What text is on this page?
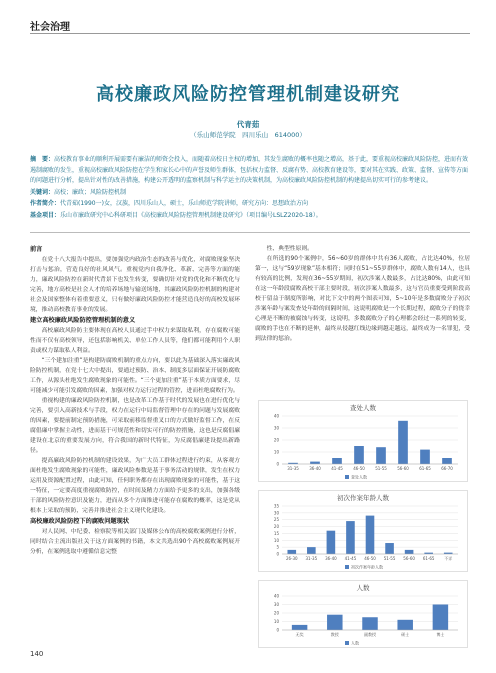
社会治理
高校廉政风险防控管理机制建设研究
代青茹
（乐山师范学院　四川乐山　614000）

摘　要：高校教育事业的顺利开展需要有廉洁的师资会投入，而随着高校日主权的增加，其发生腐败的概率也随之增高，基于此，要重视高校廉政风险防控，进而有效遏制腐败的发生，重视高校廉政风险防控在学生和家长心中的声誉及师生群体，包括权力监督、反腐有势、高校教育建设等，要对其在实践、政策、监督、宣传等方面的问题进行分析，提出针对性的改善措施，构建公开透明的监察机制与科学运主的决策机制，为高校廉政风险防控机制的构建提出切实可行的参考建议。

关键词：高校；廉政；风险防控机制

作者简介：代青茹(1990一)女，汉族，四川乐山人，硕士，乐山师范学院讲师，研究方向：思想政治方向

基金项目：乐山市廉政研究中心科研项目《高校廉政风险防控管理机制建设研究》（项目编号LSLZ2020-18）。

前言

在党十八大报告中提出，要加强党内政治生态的改善与优化，对腐败现象坚决打击与惩治，营造良好的社风风气。重视党内自我净化、革新、完善等方面的能力，廉政风险防控在新时代背景下也发生转变，要确切针对党的优化和不断优化与完善，地方高校是社会人才的培养场地与输送场地，其廉政风险防控机制的构建对社会及国家整体有着重要意义，只有做好廉政风险防控才能营造良好的高校发展环境，推动高校教育事业的发展。

建立高校廉政风险防控管理机制的意义

高校廉政风险防主要体现在高校人员通过手中权力来谋取私利，存在腐败可能性而不仅有高校领导，还包括影响机关、单位工作人员等，他们都可能利用个人职责或权力谋取私人利益。

“三个建加注重”是构建防腐败机制的重点方向，要以此为基础深入落实廉政风险防控机制，在党十七大中提出，要通过预防、治本、制度多层面保证开展防腐败工作，从源头杜绝发生腐败现象的可能性。“三个更加注重”基于本质方面要求，尽可能减少可能引发腐败的因素，加强对权力运行过程的管控，进而杜绝腐败行为。

重视构建的廉政风险防控机制，也是改革工作基于时代的发展也在进行优化与完善，要引入高新技术与手段，权力在运行中局监督管理中存在的问题与发展腐败的因素，要提前制定预防措施，可采取前移监督重叉口的方式做好监督工作，在反腐倡廉中掌握主动性，进而基于可规范性和切实可行的防控措施，这也是反腐倡廉建设在北京的重要发展方向，符合我国的新时代特征，为反腐倡廉建设提出新路径。

提高廉政风险防控机制的建设效果，为广大员工群体过程进行约束，从客观方面杜绝发生腐败现象的可能性，廉政风险参数是基于事务活动的规律，发生在权力运用及资源配置过程，由此可知，任何职务都存在出现腐败现象的可能性，基于这一特征，一定要高度重视腐败防控，在时间及精力方面给予更多的支出，加强各级干部的风险防控意识及能力，进而从多个方面推进可能存在腐败的概率，这是党从根本上采取的预防，完善并推进社会主义现代化建设。

高校廉政风险防控下的腐败问题现状

对人民网、中纪委、检察院等相关部门及媒体公布的高校腐败案例进行分析，同时结合主流出版社关于这方面案例的书籍，本文共选出90个高校腐败案例展开分析，在案例选取中遵循信息完整

性、典型性原则。

在所选的90个案例中，56~60岁的群体中共有36人腐败，占比达40%，位居第一，这与“59岁现象”基本相符；同时在51~55岁群体中，腐败人数有14人，也具有较高的比例，发现在36~55岁期间，初次涉案人数最多，占比达80%，由此可知在这一年龄段腐败高校干部主要时段，初次涉案人数最多，这与官员重要受到阶段高校于留益于制度所影响，对比下文中的两个图表可知，5~10年是多数腐败分子初次涉案年龄与案发查处年龄的间隔时间，这说明腐败是一个长期过程，腐败分子的侥幸心理是不断的被腐蚀与转变，这说明，多数腐败分子的心理都会经过一系列的转变，腐败的手也在不断的延伸，最终从侵越红线边缘到越走越远，最终成为一名罪犯，受到法律的惩治。

查处人数
0
10
20
30
40
31-35	36-40	41-45	46-50	51-55	56-60	61-65	66-70
查处人数
初次作案年龄人数
0
5
10
15
20
25
30
35
26-30 31-35 36-40 41-45 46-50 51-55 56-60 61-65 不详
初次作案年龄人数
人数
0
10
20
30
40
无奖	教授	副教授	硕士	博士
人数
140
